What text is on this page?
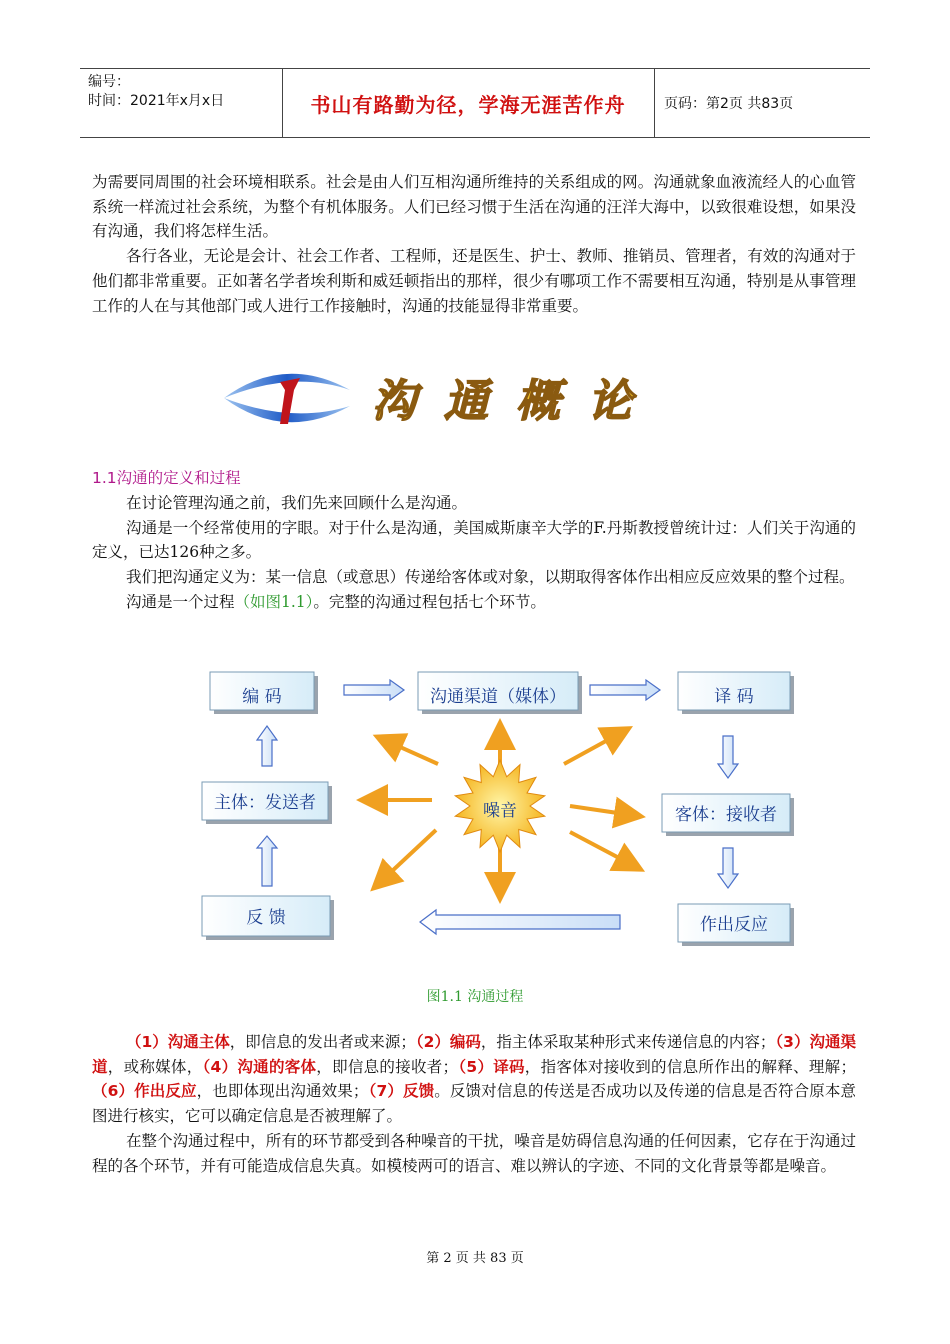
编号：
时间：2021年x月x日	书山有路勤为径，学海无涯苦作舟	页码：第2页 共83页

为需要同周围的社会环境相联系。社会是由人们互相沟通所维持的关系组成的网。沟通就象血液流经人的心血管系统一样流过社会系统，为整个有机体服务。人们已经习惯于生活在沟通的汪洋大海中，以致很难设想，如果没有沟通，我们将怎样生活。

各行各业，无论是会计、社会工作者、工程师，还是医生、护士、教师、推销员、管理者，有效的沟通对于他们都非常重要。正如著名学者埃利斯和威廷顿指出的那样，很少有哪项工作不需要相互沟通，特别是从事管理工作的人在与其他部门或人进行工作接触时，沟通的技能显得非常重要。

沟 通 概 论
1.1沟通的定义和过程

在讨论管理沟通之前，我们先来回顾什么是沟通。

沟通是一个经常使用的字眼。对于什么是沟通，美国威斯康辛大学的F.丹斯教授曾统计过：人们关于沟通的定义，已达126种之多。

我们把沟通定义为：某一信息（或意思）传递给客体或对象，以期取得客体作出相应反应效果的整个过程。

沟通是一个过程（如图1.1）。完整的沟通过程包括七个环节。

编 码	沟通渠道（媒体）	译 码
主体：发送者
客体：接收者
反 馈	作出反应
噪音
图1.1 沟通过程

（1）沟通主体，即信息的发出者或来源；（2）编码，指主体采取某种形式来传递信息的内容；（3）沟通渠道，或称媒体，（4）沟通的客体，即信息的接收者；（5）译码，指客体对接收到的信息所作出的解释、理解；（6）作出反应，也即体现出沟通效果；（7）反馈。反馈对信息的传送是否成功以及传递的信息是否符合原本意图进行核实，它可以确定信息是否被理解了。

在整个沟通过程中，所有的环节都受到各种噪音的干扰，噪音是妨碍信息沟通的任何因素，它存在于沟通过程的各个环节，并有可能造成信息失真。如模棱两可的语言、难以辨认的字迹、不同的文化背景等都是噪音。

第 2 页 共 83 页
